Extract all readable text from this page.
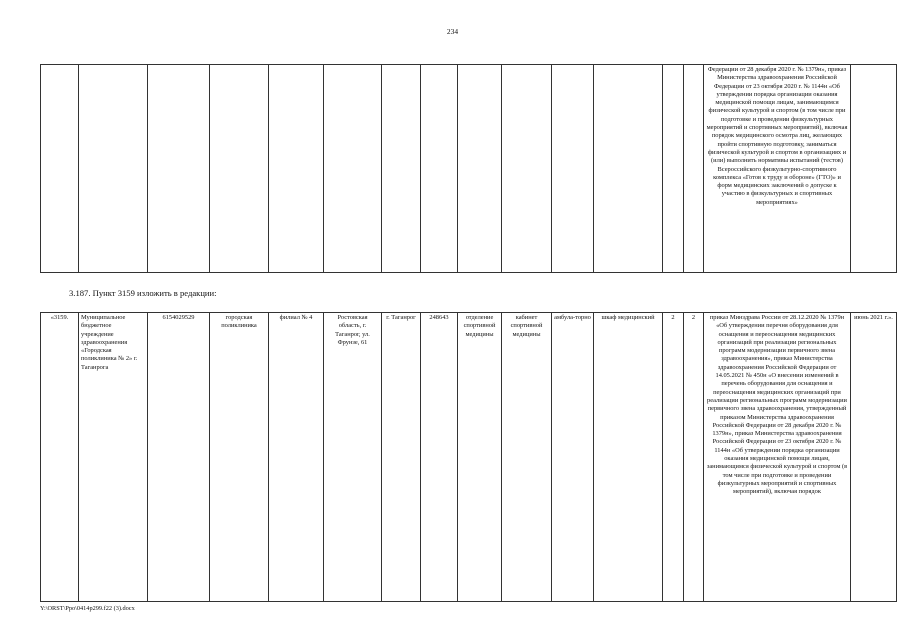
234
														Федерации от 28 декабря 2020 г. № 1379н», приказ Министерства здравоохранения Российской Федерации от 23 октября 2020 г. № 1144н «Об утверждении порядка организации оказания медицинской помощи лицам, занимающимся физической культурой и спортом (в том числе при подготовке и проведении физкультурных мероприятий и спортивных мероприятий), включая порядок медицинского осмотра лиц, желающих пройти спортивную подготовку, заниматься физической культурой и спортом в организациях и (или) выполнить нормативы испытаний (тестов) Всероссийского физкультурно-спортивного комплекса «Готов к труду и обороне» (ГТО)» и форм медицинских заключений о допуске к участию в физкультурных и спортивных мероприятиях»	
3.187. Пункт 3159 изложить в редакции:
«3159.	Муниципальное бюджетное учреждение здравоохранения «Городская поликлиника № 2» г. Таганрога	6154029529	городская поликлиника	филиал № 4	Ростовская область, г. Таганрог, ул. Фрунзе, 61	г. Таганрог	248643	отделение спортивной медицины	кабинет спортивной медицины	амбула-торно	шкаф медицинский	2	2	приказ Минздрава России от 28.12.2020 № 1379н «Об утверждении перечня оборудования для оснащения и переоснащения медицинских организаций при реализации региональных программ модернизации первичного звена здравоохранения», приказ Министерства здравоохранения Российской Федерации от 14.05.2021 № 450н «О внесении изменений в перечень оборудования для оснащения и переоснащения медицинских организаций при реализации региональных программ модернизации первичного звена здравоохранения, утвержденный приказом Министерства здравоохранения Российской Федерации от 28 декабря 2020 г. № 1379н», приказ Министерства здравоохранения Российской Федерации от 23 октября 2020 г. № 1144н «Об утверждении порядка организации оказания медицинской помощи лицам, занимающимся физической культурой и спортом (в том числе при подготовке и проведении физкультурных мероприятий и спортивных мероприятий), включая порядок	июнь 2021 г.».
Y:\ORST\Ppo\0414p299.f22 (3).docx
